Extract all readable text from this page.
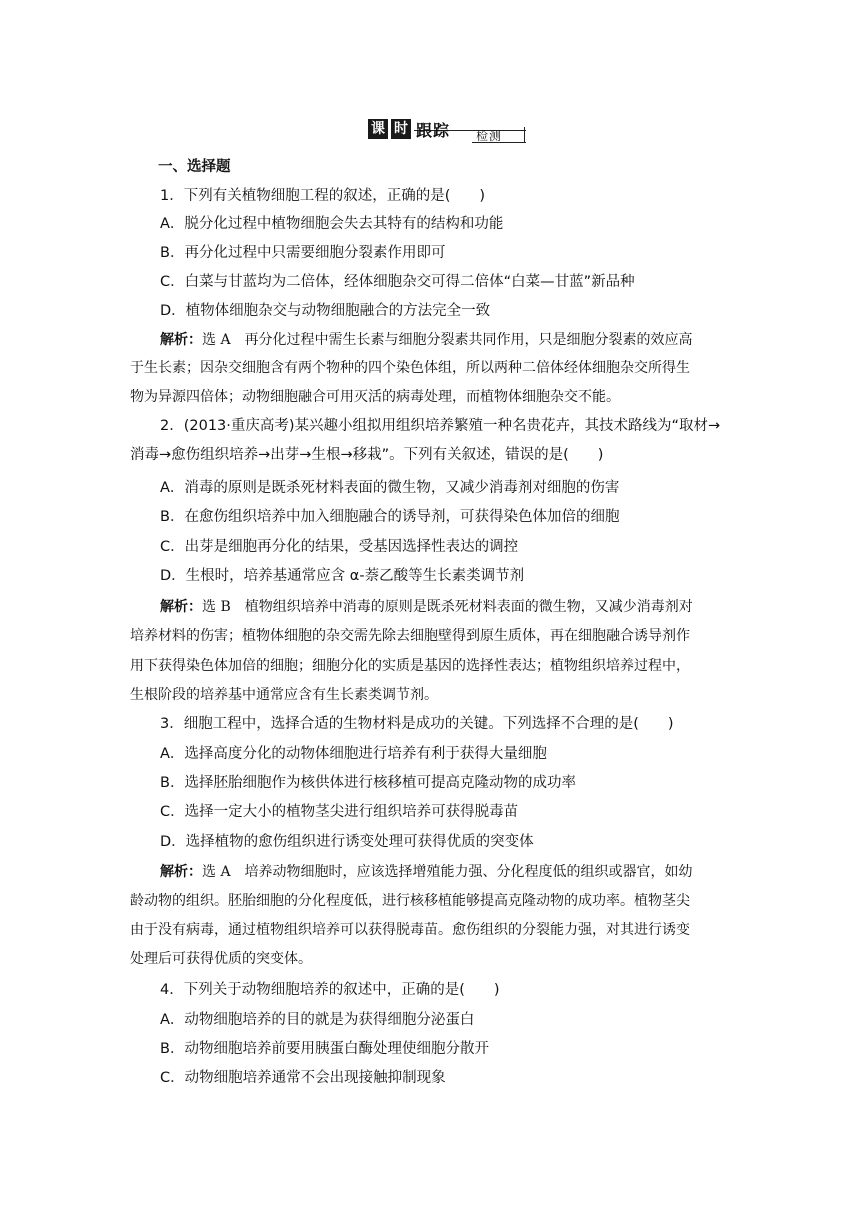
课 时 跟踪 检测
一、选择题
1．下列有关植物细胞工程的叙述，正确的是(　　)
A．脱分化过程中植物细胞会失去其特有的结构和功能
B．再分化过程中只需要细胞分裂素作用即可
C．白菜与甘蓝均为二倍体，经体细胞杂交可得二倍体“白菜—甘蓝”新品种
D．植物体细胞杂交与动物细胞融合的方法完全一致
解析：选 A　再分化过程中需生长素与细胞分裂素共同作用，只是细胞分裂素的效应高
于生长素；因杂交细胞含有两个物种的四个染色体组，所以两种二倍体经体细胞杂交所得生
物为异源四倍体；动物细胞融合可用灭活的病毒处理，而植物体细胞杂交不能。
2．(2013·重庆高考)某兴趣小组拟用组织培养繁殖一种名贵花卉，其技术路线为“取材→
消毒→愈伤组织培养→出芽→生根→移栽”。下列有关叙述，错误的是(　　)
A．消毒的原则是既杀死材料表面的微生物，又减少消毒剂对细胞的伤害
B．在愈伤组织培养中加入细胞融合的诱导剂，可获得染色体加倍的细胞
C．出芽是细胞再分化的结果，受基因选择性表达的调控
D．生根时，培养基通常应含 α-萘乙酸等生长素类调节剂
解析：选 B　植物组织培养中消毒的原则是既杀死材料表面的微生物，又减少消毒剂对
培养材料的伤害；植物体细胞的杂交需先除去细胞壁得到原生质体，再在细胞融合诱导剂作
用下获得染色体加倍的细胞；细胞分化的实质是基因的选择性表达；植物组织培养过程中，
生根阶段的培养基中通常应含有生长素类调节剂。
3．细胞工程中，选择合适的生物材料是成功的关键。下列选择不合理的是(　　)
A．选择高度分化的动物体细胞进行培养有利于获得大量细胞
B．选择胚胎细胞作为核供体进行核移植可提高克隆动物的成功率
C．选择一定大小的植物茎尖进行组织培养可获得脱毒苗
D．选择植物的愈伤组织进行诱变处理可获得优质的突变体
解析：选 A　培养动物细胞时，应该选择增殖能力强、分化程度低的组织或器官，如幼
龄动物的组织。胚胎细胞的分化程度低，进行核移植能够提高克隆动物的成功率。植物茎尖
由于没有病毒，通过植物组织培养可以获得脱毒苗。愈伤组织的分裂能力强，对其进行诱变
处理后可获得优质的突变体。
4．下列关于动物细胞培养的叙述中，正确的是(　　)
A．动物细胞培养的目的就是为获得细胞分泌蛋白
B．动物细胞培养前要用胰蛋白酶处理使细胞分散开
C．动物细胞培养通常不会出现接触抑制现象
